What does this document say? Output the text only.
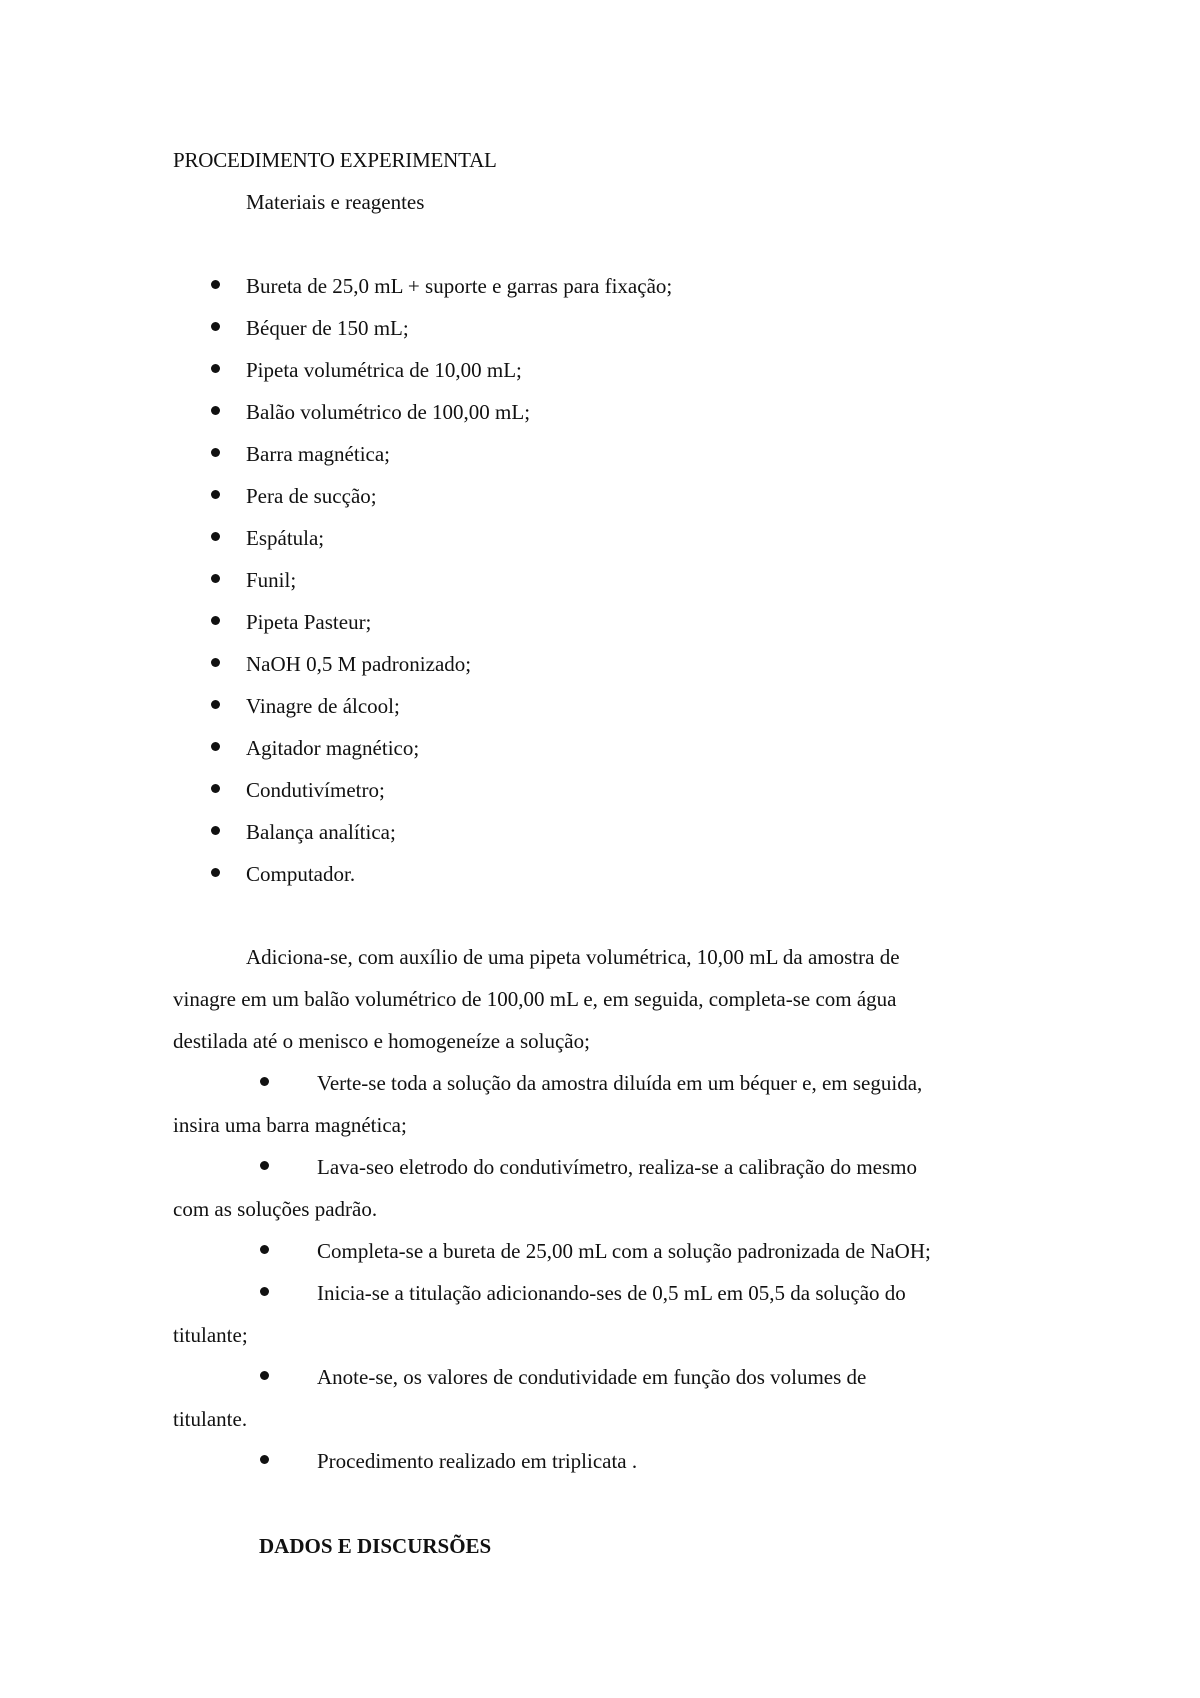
PROCEDIMENTO EXPERIMENTAL
Materiais e reagentes
Bureta de 25,0 mL + suporte e garras para fixação;
Béquer de 150 mL;
Pipeta volumétrica de 10,00 mL;
Balão volumétrico de 100,00 mL;
Barra magnética;
Pera de sucção;
Espátula;
Funil;
Pipeta Pasteur;
NaOH 0,5 M padronizado;
Vinagre de álcool;
Agitador magnético;
Condutivímetro;
Balança analítica;
Computador.
Adiciona-se, com auxílio de uma pipeta volumétrica, 10,00 mL da amostra de
vinagre em um balão volumétrico de 100,00 mL e, em seguida, completa-se com água
destilada até o menisco e homogeneíze a solução;
Verte-se toda a solução da amostra diluída em um béquer e, em seguida,
insira uma barra magnética;
Lava-seo eletrodo do condutivímetro, realiza-se a calibração do mesmo
com as soluções padrão.
Completa-se a bureta de 25,00 mL com a solução padronizada de NaOH;
Inicia-se a titulação adicionando-ses de 0,5 mL em 05,5 da solução do
titulante;
Anote-se, os valores de condutividade em função dos volumes de
titulante.
Procedimento realizado em triplicata .
DADOS E DISCURSÕES
